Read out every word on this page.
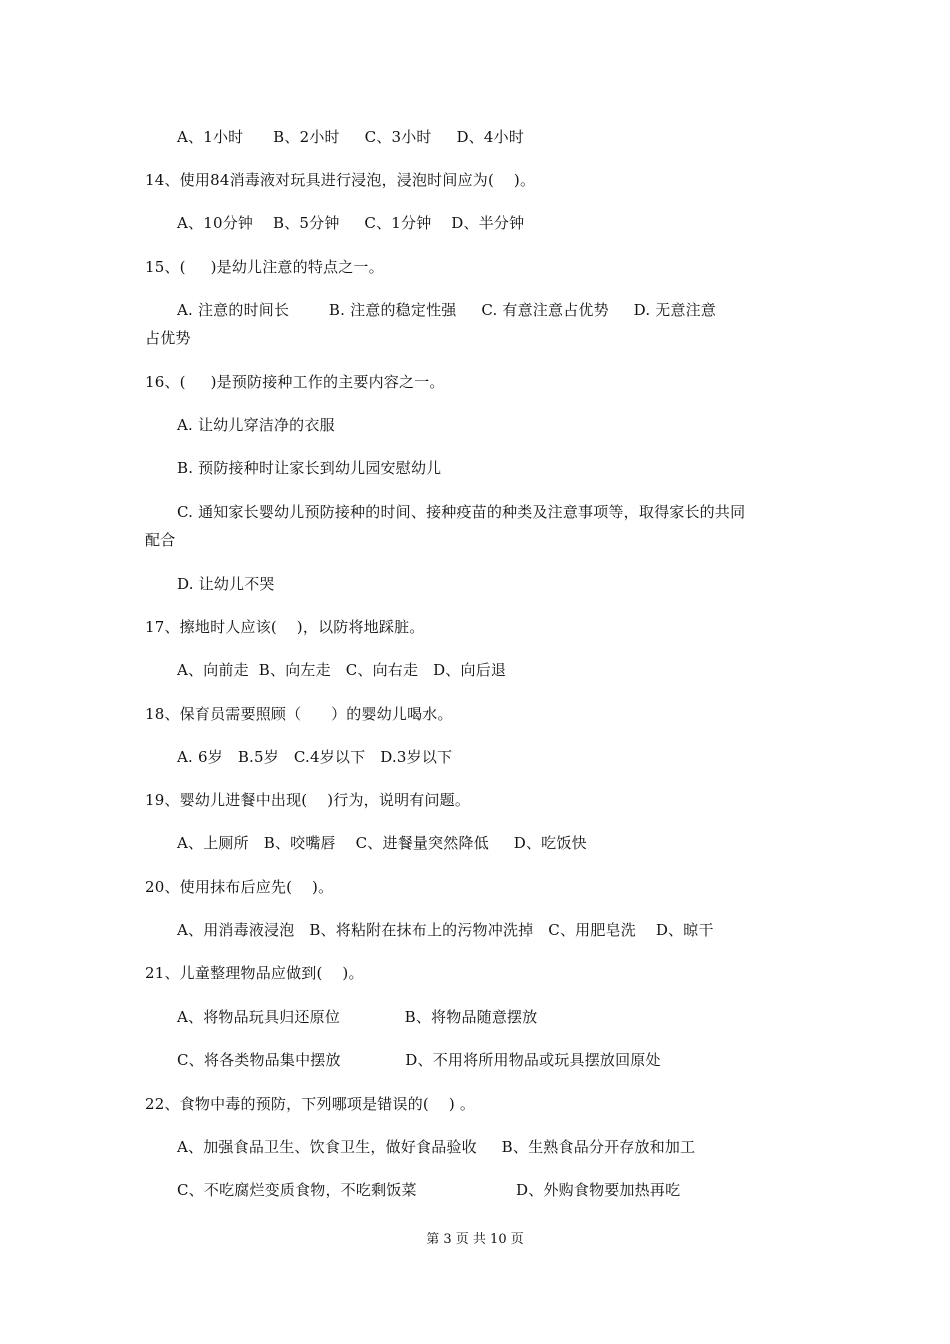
A、1小时      B、2小时     C、3小时     D、4小时
14、使用84消毒液对玩具进行浸泡，浸泡时间应为(    )。
A、10分钟    B、5分钟     C、1分钟    D、半分钟
15、(     )是幼儿注意的特点之一。
A. 注意的时间长        B. 注意的稳定性强     C. 有意注意占优势     D. 无意注意
占优势
16、(     )是预防接种工作的主要内容之一。
A. 让幼儿穿洁净的衣服
B. 预防接种时让家长到幼儿园安慰幼儿
C. 通知家长婴幼儿预防接种的时间、接种疫苗的种类及注意事项等，取得家长的共同
配合
D. 让幼儿不哭
17、擦地时人应该(    )，以防将地踩脏。
A、向前走  B、向左走   C、向右走   D、向后退
18、保育员需要照顾（      ）的婴幼儿喝水。
A. 6岁   B.5岁   C.4岁以下   D.3岁以下
19、婴幼儿进餐中出现(    )行为，说明有问题。
A、上厕所   B、咬嘴唇    C、进餐量突然降低     D、吃饭快
20、使用抹布后应先(    )。
A、用消毒液浸泡   B、将粘附在抹布上的污物冲洗掉   C、用肥皂洗    D、晾干
21、儿童整理物品应做到(    )。
A、将物品玩具归还原位             B、将物品随意摆放
C、将各类物品集中摆放             D、不用将所用物品或玩具摆放回原处
22、食物中毒的预防，下列哪项是错误的(    ) 。
A、加强食品卫生、饮食卫生，做好食品验收     B、生熟食品分开存放和加工
C、不吃腐烂变质食物，不吃剩饭菜                    D、外购食物要加热再吃
第 3 页 共 10 页
